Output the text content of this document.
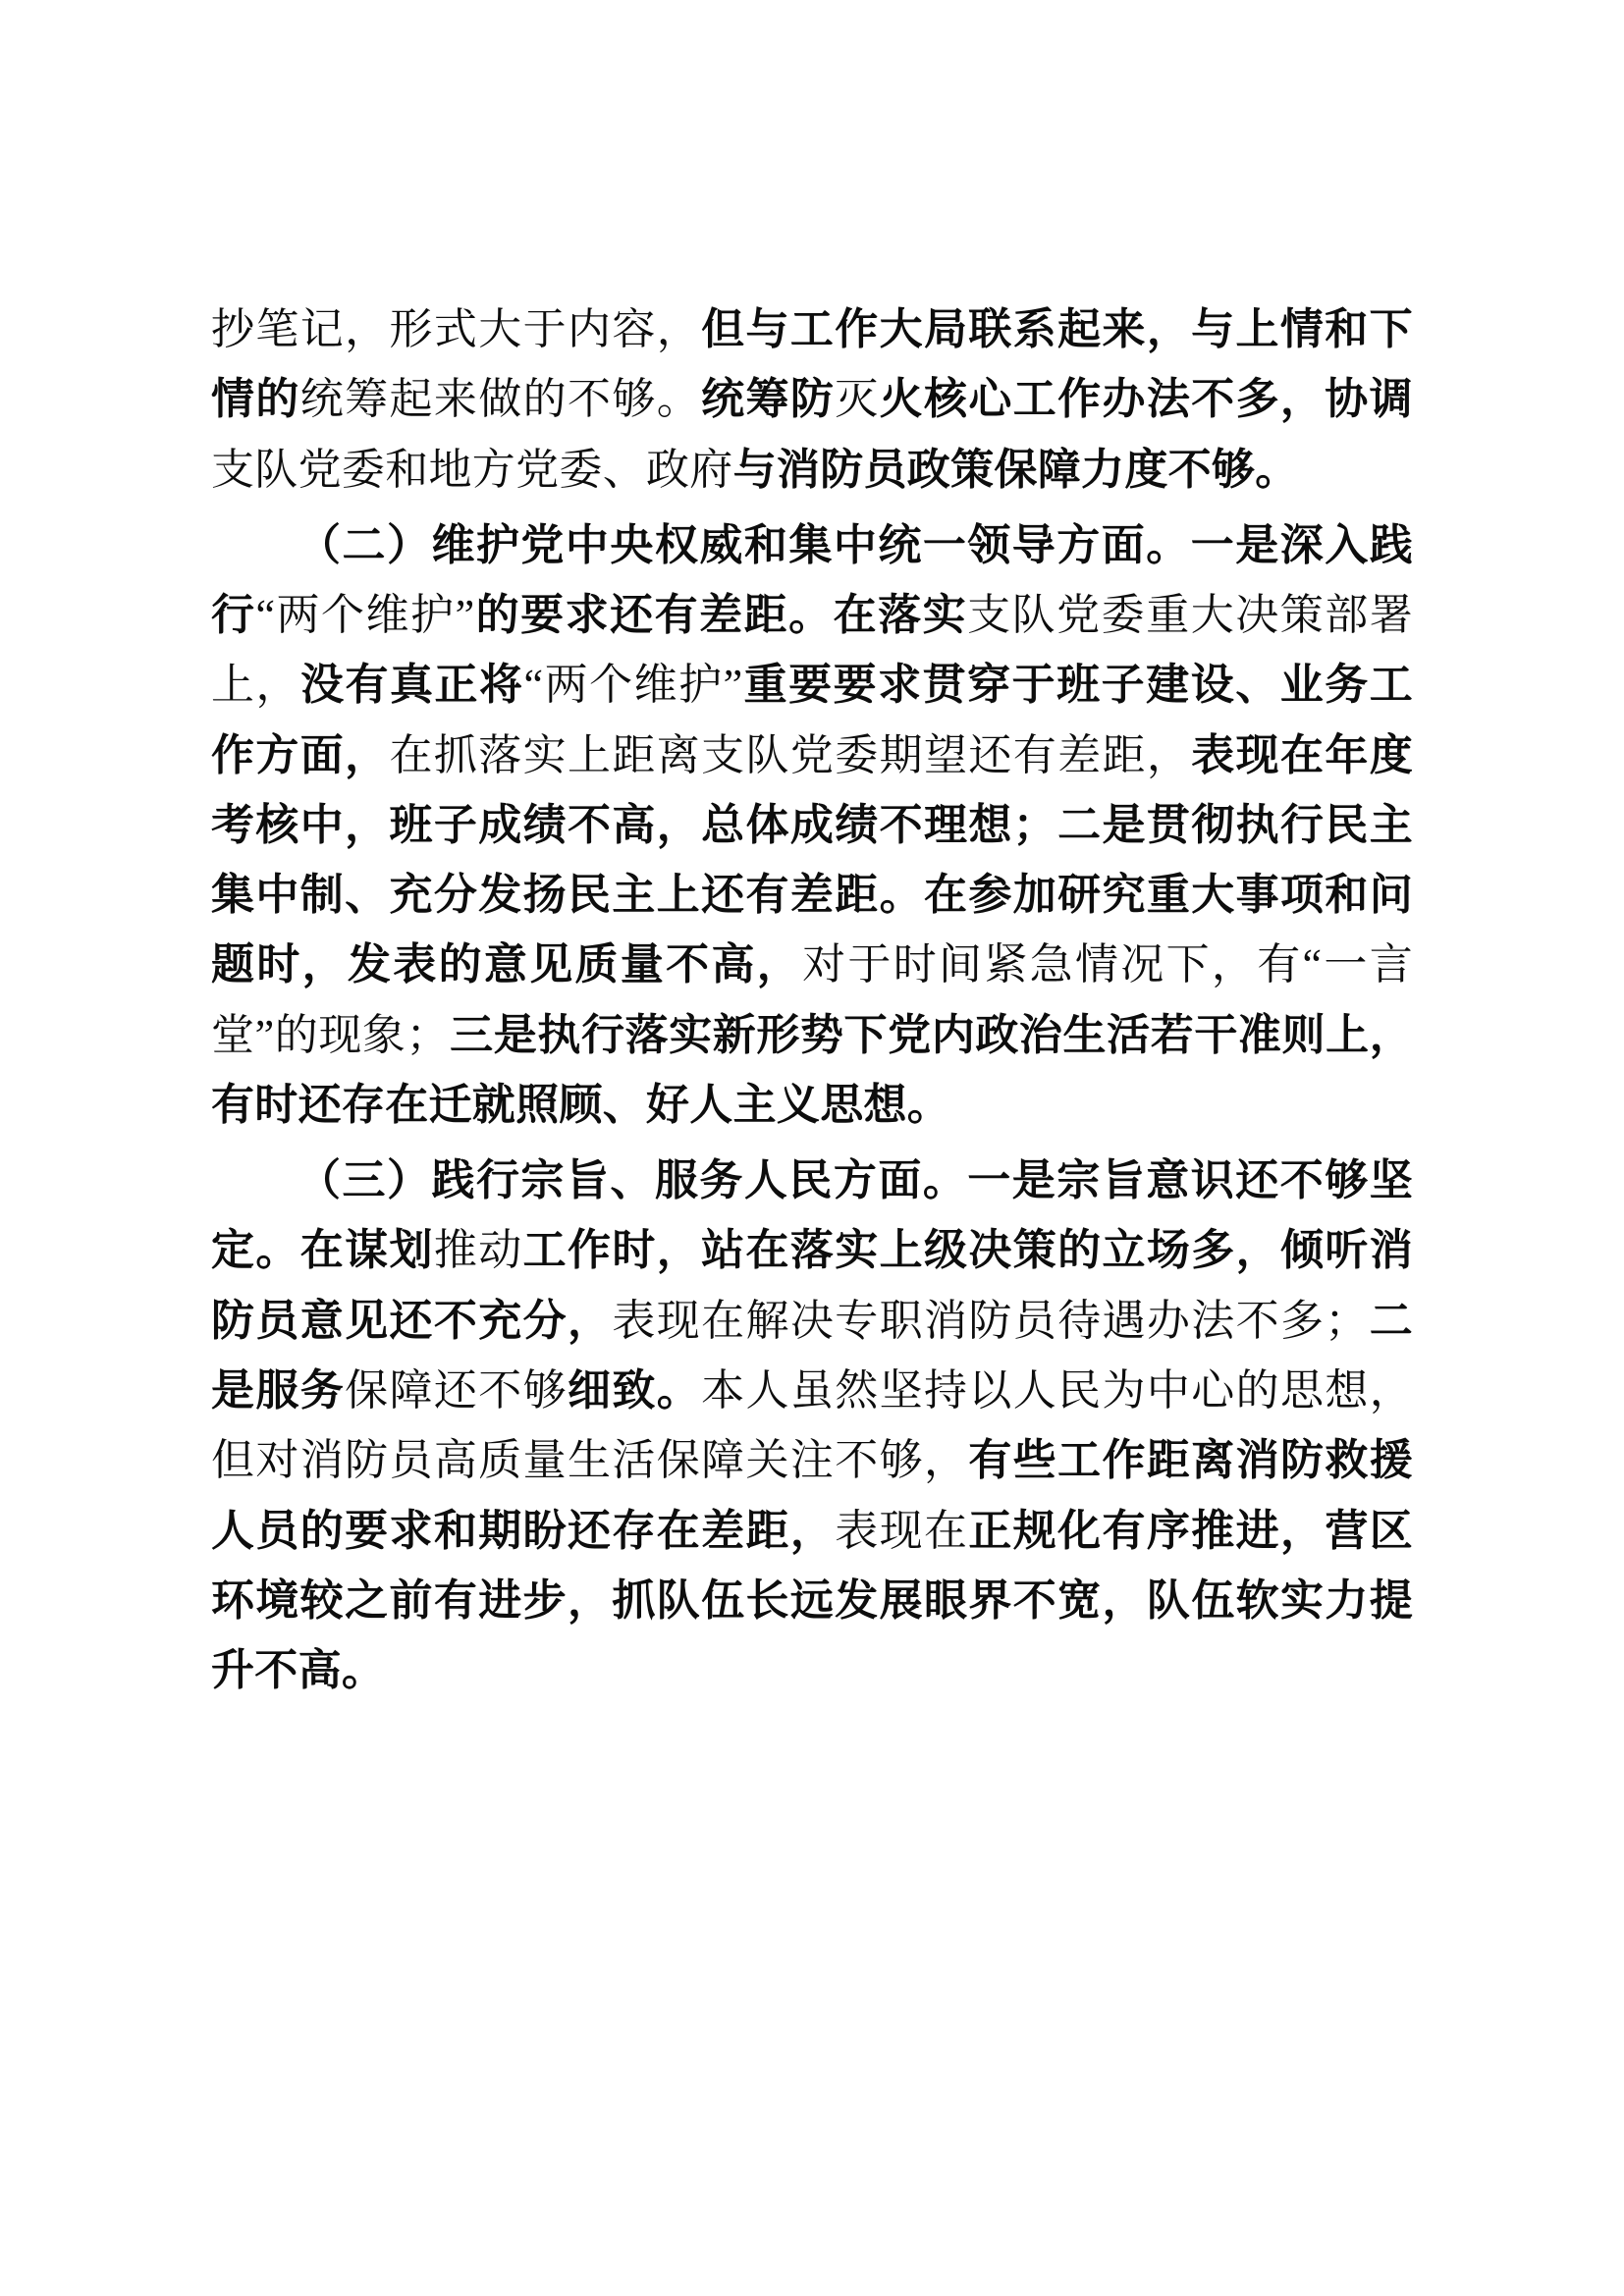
抄笔记，形式大于内容，但与工作大局联系起来，与上情和下情的统筹起来做的不够。统筹防灭火核心工作办法不多，协调支队党委和地方党委、政府与消防员政策保障力度不够。

（二）维护党中央权威和集中统一领导方面。一是深入践行“两个维护”的要求还有差距。在落实支队党委重大决策部署上，没有真正将“两个维护”重要要求贯穿于班子建设、业务工作方面，在抓落实上距离支队党委期望还有差距，表现在年度考核中，班子成绩不高，总体成绩不理想；二是贯彻执行民主集中制、充分发扬民主上还有差距。在参加研究重大事项和问题时，发表的意见质量不高，对于时间紧急情况下，有“一言堂”的现象；三是执行落实新形势下党内政治生活若干准则上，有时还存在迁就照顾、好人主义思想。

（三）践行宗旨、服务人民方面。一是宗旨意识还不够坚定。在谋划推动工作时，站在落实上级决策的立场多，倾听消防员意见还不充分，表现在解决专职消防员待遇办法不多；二是服务保障还不够细致。本人虽然坚持以人民为中心的思想，但对消防员高质量生活保障关注不够，有些工作距离消防救援人员的要求和期盼还存在差距，表现在正规化有序推进，营区环境较之前有进步，抓队伍长远发展眼界不宽，队伍软实力提升不高。
